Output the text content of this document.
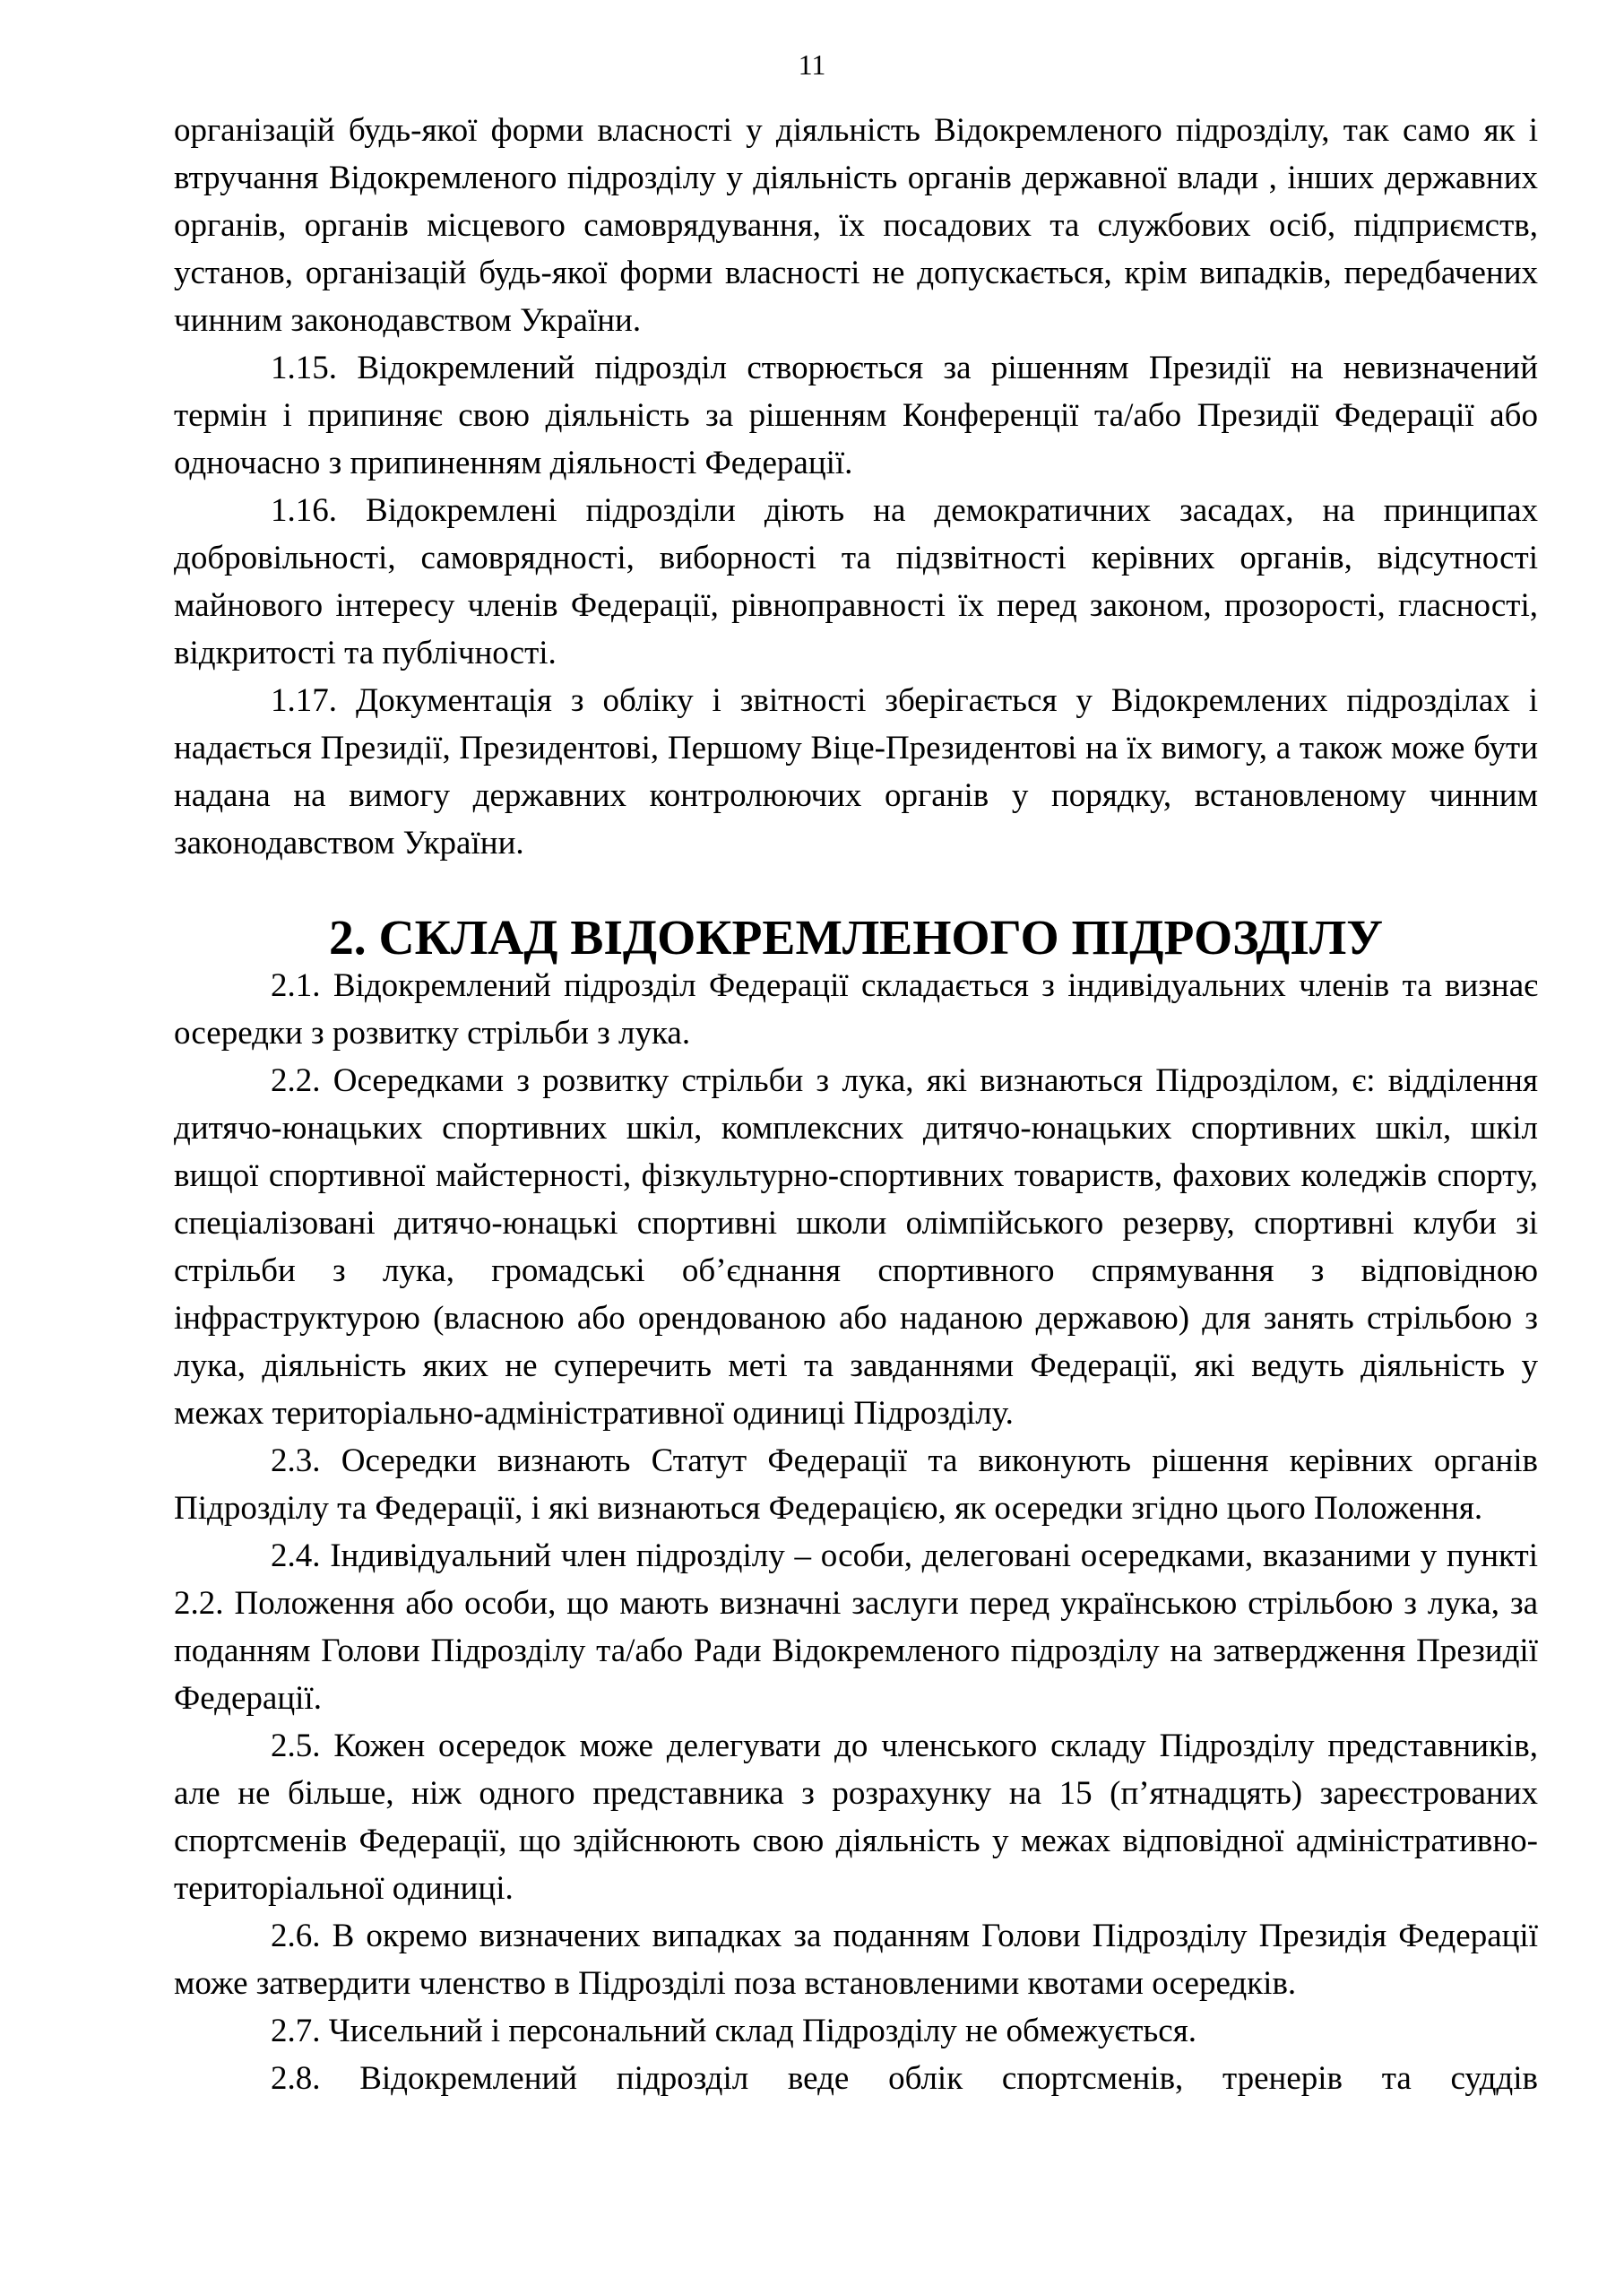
11

організацій будь-якої форми власності у діяльність Відокремленого підрозділу, так само як і втручання Відокремленого підрозділу у діяльність органів державної влади , інших державних органів, органів місцевого самоврядування, їх посадових та службових осіб, підприємств, установ, організацій будь-якої форми власності не допускається, крім випадків, передбачених чинним законодавством України.

1.15. Відокремлений підрозділ створюється за рішенням Президії на невизначений термін і припиняє свою діяльність за рішенням Конференції та/або Президії Федерації або одночасно з припиненням діяльності Федерації.

1.16. Відокремлені підрозділи діють на демократичних засадах, на принципах добровільності, самоврядності, виборності та підзвітності керівних органів, відсутності майнового інтересу членів Федерації, рівноправності їх перед законом, прозорості, гласності, відкритості та публічності.

1.17. Документація з обліку і звітності зберігається у Відокремлених підрозділах і надається Президії, Президентові, Першому Віце-Президентові на їх вимогу, а також може бути надана на вимогу державних контролюючих органів у порядку, встановленому чинним законодавством України.

2. СКЛАД ВІДОКРЕМЛЕНОГО ПІДРОЗДІЛУ

2.1. Відокремлений підрозділ Федерації складається з індивідуальних членів та визнає осередки з розвитку стрільби з лука.

2.2. Осередками з розвитку стрільби з лука, які визнаються Підрозділом, є: відділення дитячо-юнацьких спортивних шкіл, комплексних дитячо-юнацьких спортивних шкіл, шкіл вищої спортивної майстерності, фізкультурно-спортивних товариств, фахових коледжів спорту, спеціалізовані дитячо-юнацькі спортивні школи олімпійського резерву, спортивні клуби зі стрільби з лука, громадські об’єднання спортивного спрямування з відповідною інфраструктурою (власною або орендованою або наданою державою) для занять стрільбою з лука, діяльність яких не суперечить меті та завданнями Федерації, які ведуть діяльність у межах територіально-адміністративної одиниці Підрозділу.

2.3. Осередки визнають Статут Федерації та виконують рішення керівних органів Підрозділу та Федерації, і які визнаються Федерацією, як осередки згідно цього Положення.

2.4. Індивідуальний член підрозділу – особи, делеговані осередками, вказаними у пункті 2.2. Положення або особи, що мають визначні заслуги перед українською стрільбою з лука, за поданням Голови Підрозділу та/або Ради Відокремленого підрозділу на затвердження Президії Федерації.

2.5. Кожен осередок може делегувати до членського складу Підрозділу представників, але не більше, ніж одного представника з розрахунку на 15 (п’ятнадцять) зареєстрованих спортсменів Федерації, що здійснюють свою діяльність у межах відповідної адміністративно-територіальної одиниці.

2.6. В окремо визначених випадках за поданням Голови Підрозділу Президія Федерації може затвердити членство в Підрозділі поза встановленими квотами осередків.

2.7. Чисельний і персональний склад Підрозділу не обмежується.

2.8. Відокремлений підрозділ веде облік спортсменів, тренерів та суддів
